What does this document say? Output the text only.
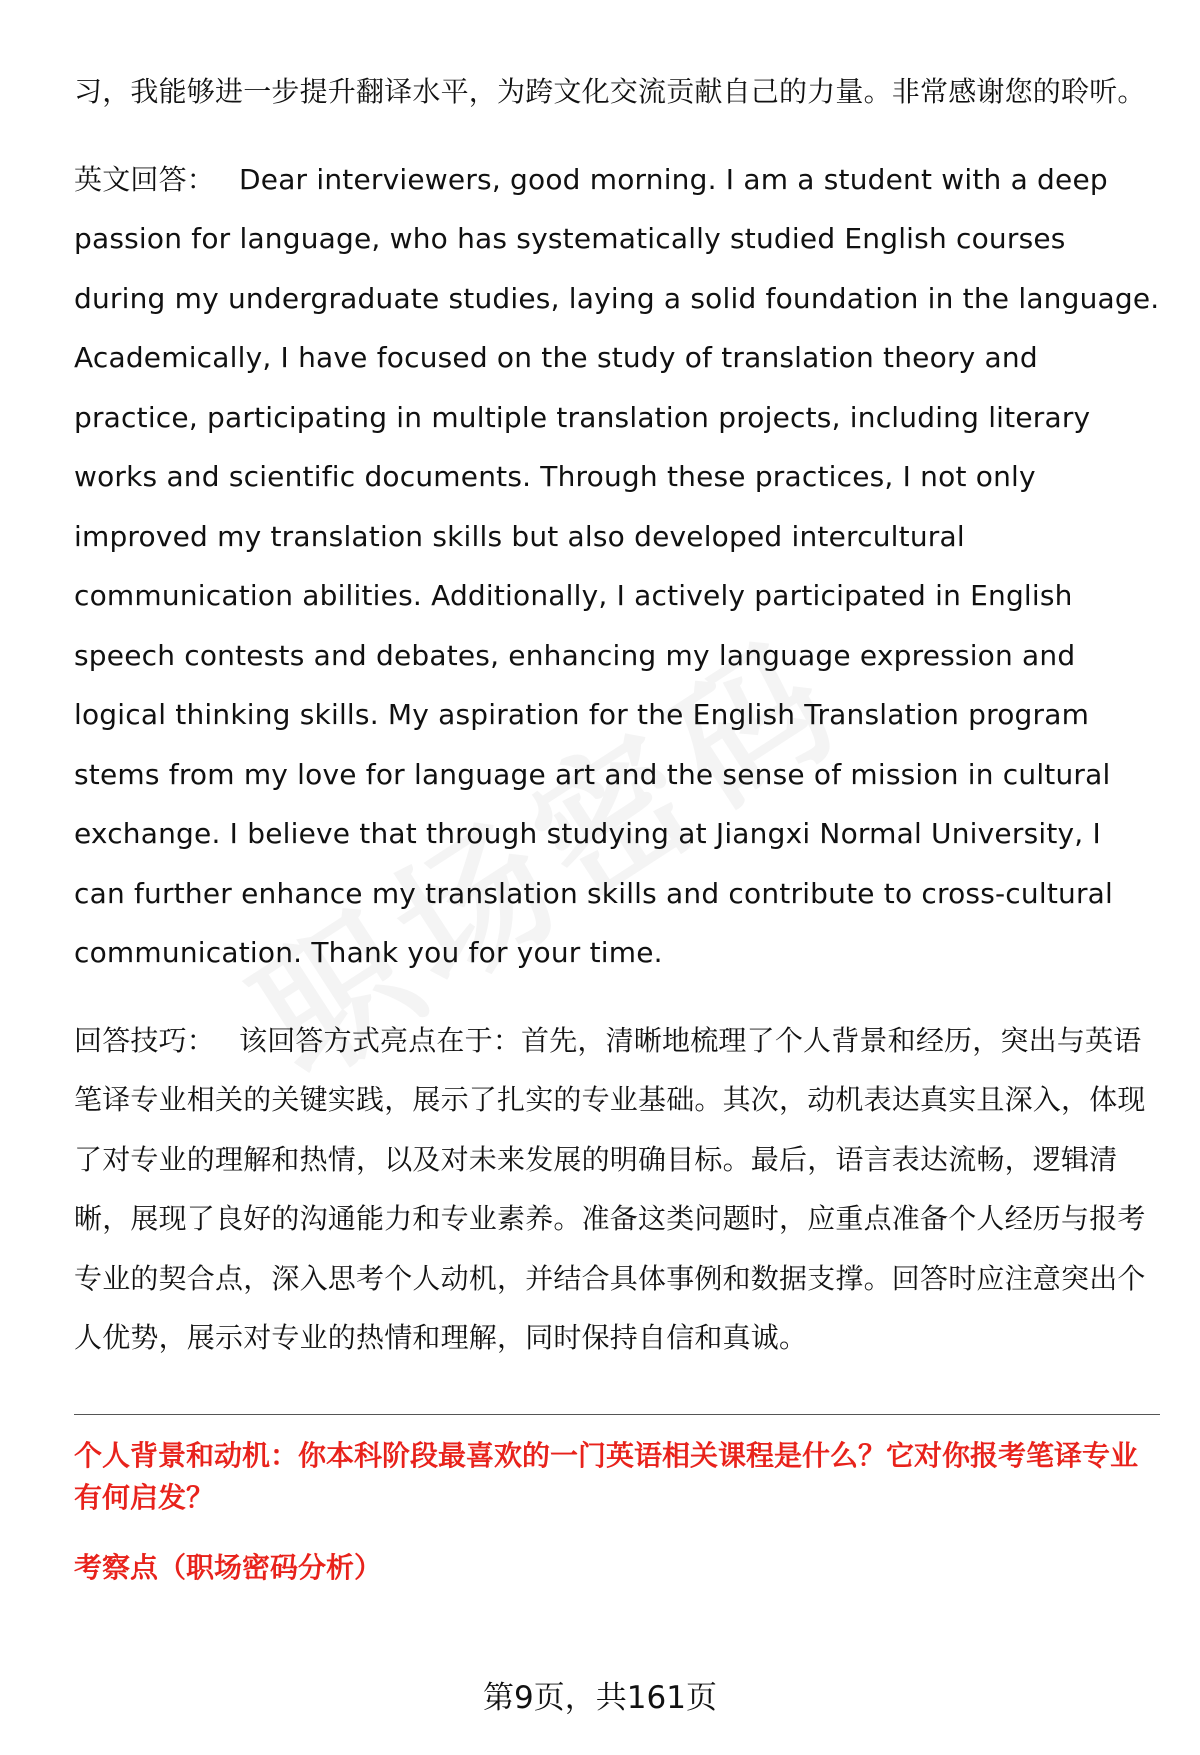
习，我能够进一步提升翻译水平，为跨文化交流贡献自己的力量。非常感谢您的聆听。

英文回答： Dear interviewers, good morning. I am a student with a deep passion for language, who has systematically studied English courses during my undergraduate studies, laying a solid foundation in the language. Academically, I have focused on the study of translation theory and practice, participating in multiple translation projects, including literary works and scientific documents. Through these practices, I not only improved my translation skills but also developed intercultural communication abilities. Additionally, I actively participated in English speech contests and debates, enhancing my language expression and logical thinking skills. My aspiration for the English Translation program stems from my love for language art and the sense of mission in cultural exchange. I believe that through studying at Jiangxi Normal University, I can further enhance my translation skills and contribute to cross-cultural communication. Thank you for your time.

回答技巧： 该回答方式亮点在于：首先，清晰地梳理了个人背景和经历，突出与英语笔译专业相关的关键实践，展示了扎实的专业基础。其次，动机表达真实且深入，体现了对专业的理解和热情，以及对未来发展的明确目标。最后，语言表达流畅，逻辑清晰，展现了良好的沟通能力和专业素养。准备这类问题时，应重点准备个人经历与报考专业的契合点，深入思考个人动机，并结合具体事例和数据支撑。回答时应注意突出个人优势，展示对专业的热情和理解，同时保持自信和真诚。

个人背景和动机：你本科阶段最喜欢的一门英语相关课程是什么？它对你报考笔译专业有何启发？

考察点（职场密码分析）

第9页，共161页
